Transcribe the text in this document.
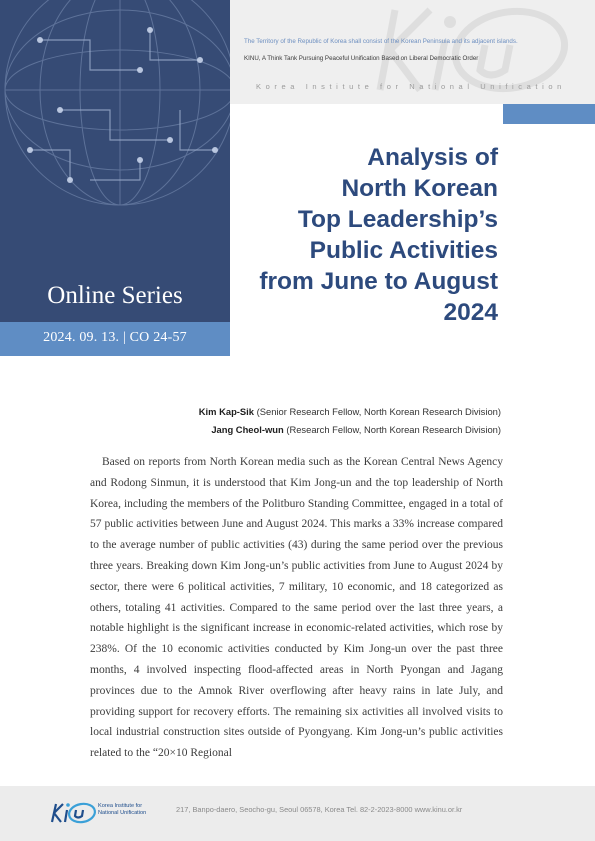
Online Series
2024. 09. 13. | CO 24-57
The Territory of the Republic of Korea shall consist of the Korean Peninsula and its adjacent islands.
KINU, A Think Tank Pursuing Peaceful Unification Based on Liberal Democratic Order
Korea Institute for National Unification
Analysis of
North Korean
Top Leadership’s
Public Activities
from June to August
2024
Kim Kap-Sik (Senior Research Fellow, North Korean Research Division)
Jang Cheol-wun (Research Fellow, North Korean Research Division)
Based on reports from North Korean media such as the Korean Central News Agency and Rodong Sinmun, it is understood that Kim Jong-un and the top leadership of North Korea, including the members of the Politburo Standing Committee, engaged in a total of 57 public activities between June and August 2024. This marks a 33% increase compared to the average number of public activities (43) during the same period over the previous three years. Breaking down Kim Jong-un’s public activities from June to August 2024 by sector, there were 6 political activities, 7 military, 10 economic, and 18 categorized as others, totaling 41 activities. Compared to the same period over the last three years, a notable highlight is the significant increase in economic-related activities, which rose by 238%. Of the 10 economic activities conducted by Kim Jong-un over the past three months, 4 involved inspecting flood-affected areas in North Pyongan and Jagang provinces due to the Amnok River overflowing after heavy rains in late July, and providing support for recovery efforts. The remaining six activities all involved visits to local industrial construction sites outside of Pyongyang. Kim Jong-un’s public activities related to the “20×10 Regional
Korea Institute for
National Unification	217, Banpo-daero, Seocho-gu, Seoul 06578, Korea Tel. 82-2-2023-8000 www.kinu.or.kr
